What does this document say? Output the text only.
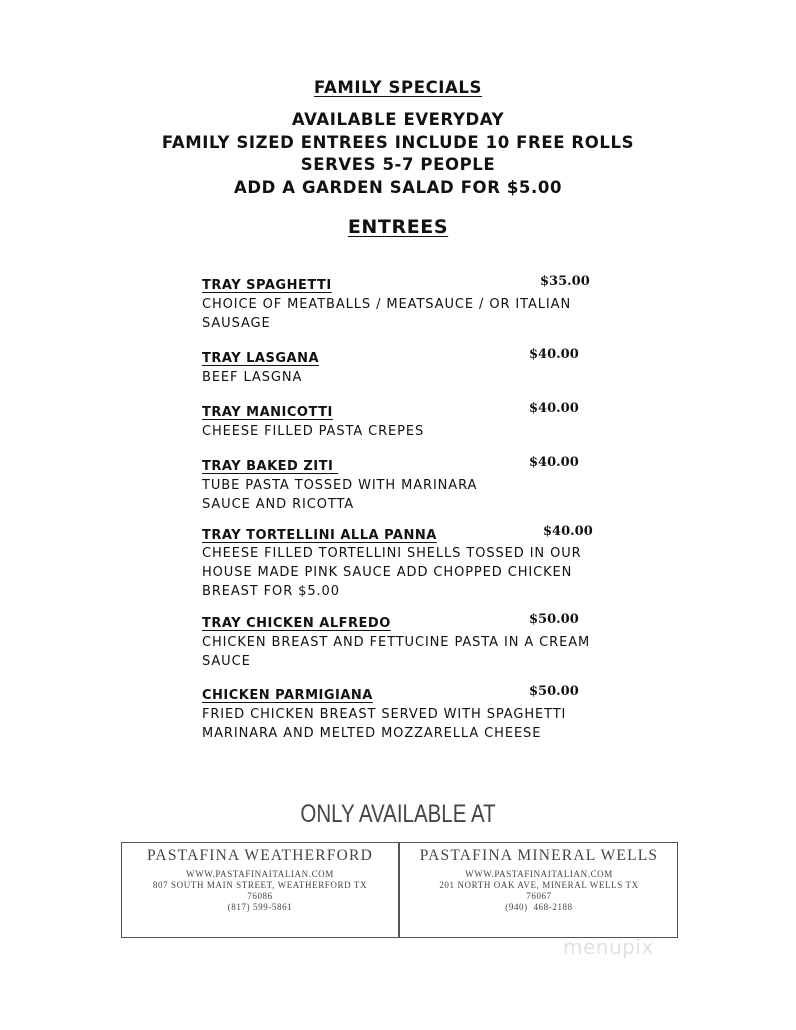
FAMILY SPECIALS
AVAILABLE EVERYDAY
FAMILY SIZED ENTREES INCLUDE 10 FREE ROLLS
SERVES 5-7 PEOPLE
ADD A GARDEN SALAD FOR $5.00
ENTREES
TRAY SPAGHETTI	$35.00
CHOICE OF MEATBALLS / MEATSAUCE / OR ITALIAN SAUSAGE
TRAY LASGANA	$40.00
BEEF LASGNA
TRAY MANICOTTI	$40.00
CHEESE FILLED PASTA CREPES
TRAY BAKED ZITI	$40.00
TUBE PASTA TOSSED WITH MARINARA SAUCE AND RICOTTA
TRAY TORTELLINI ALLA PANNA	$40.00
CHEESE FILLED TORTELLINI SHELLS TOSSED IN OUR HOUSE MADE PINK SAUCE ADD CHOPPED CHICKEN BREAST FOR $5.00
TRAY CHICKEN ALFREDO	$50.00
CHICKEN BREAST AND FETTUCINE PASTA IN A CREAM SAUCE
CHICKEN PARMIGIANA	$50.00
FRIED CHICKEN BREAST SERVED WITH SPAGHETTI MARINARA AND MELTED MOZZARELLA CHEESE
ONLY AVAILABLE AT
PASTAFINA WEATHERFORD
WWW.PASTAFINAITALIAN.COM
807 SOUTH MAIN STREET, WEATHERFORD TX
76086
(817) 599-5861
PASTAFINA MINERAL WELLS
WWW.PASTAFINAITALIAN.COM
201 NORTH OAK AVE, MINERAL WELLS TX
76067
(940)  468-2188
menupix
